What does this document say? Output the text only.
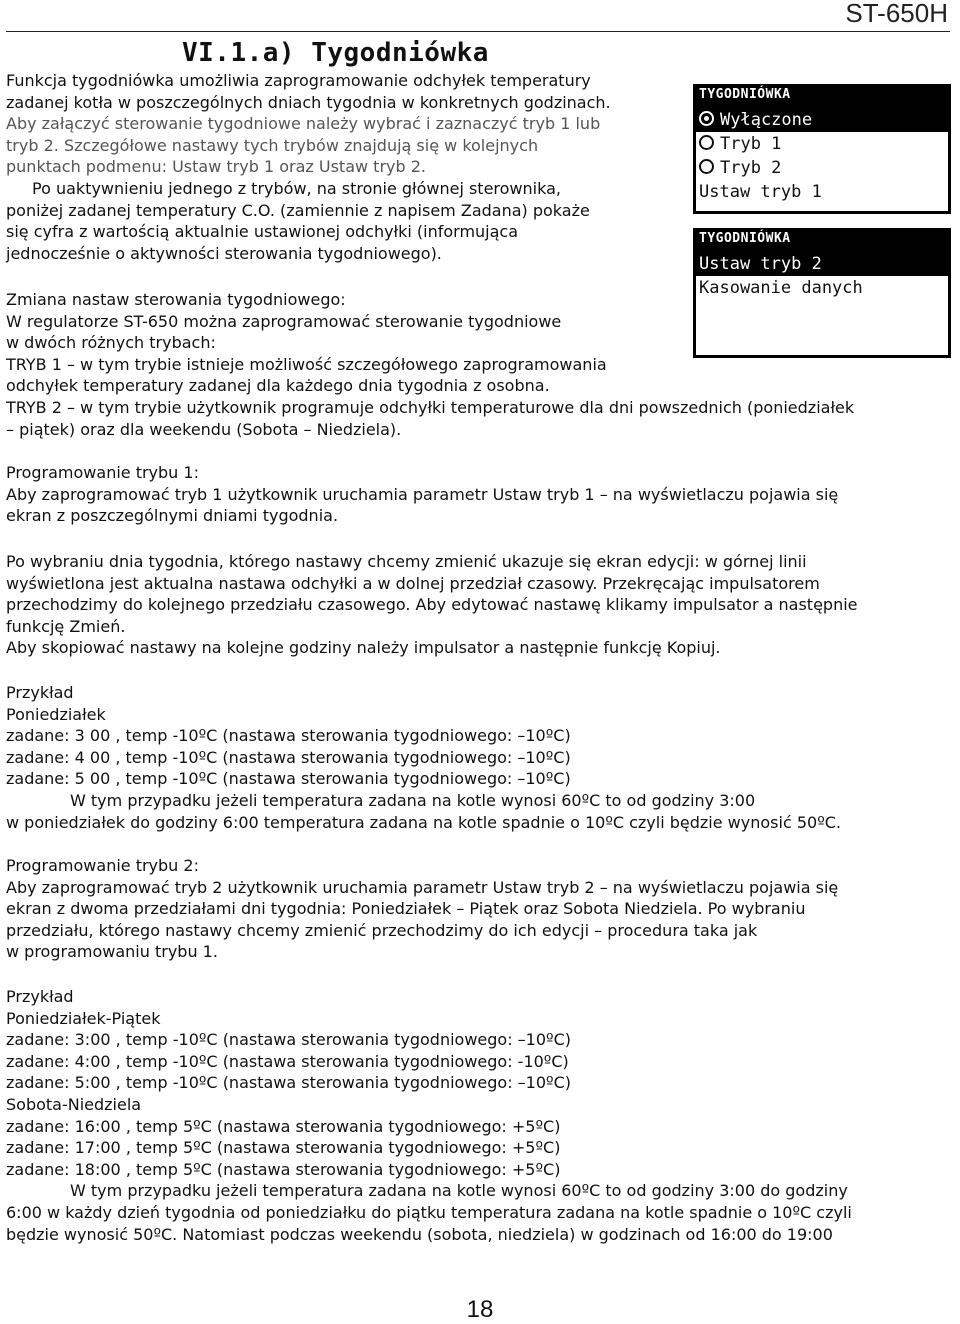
ST-650H
VI.1.a) Tygodniówka
TYGODNIÓWKA
Wyłączone
Tryb 1
Tryb 2
Ustaw tryb 1
TYGODNIÓWKA
Ustaw tryb 2
Kasowanie danych

Funkcja tygodniówka umożliwia zaprogramowanie odchyłek temperatury

zadanej kotła w poszczególnych dniach tygodnia w konkretnych godzinach.

Aby załączyć sterowanie tygodniowe należy wybrać i zaznaczyć tryb 1 lub

tryb 2. Szczegółowe nastawy tych trybów znajdują się w kolejnych

punktach podmenu: Ustaw tryb 1 oraz Ustaw tryb 2.

Po uaktywnieniu jednego z trybów, na stronie głównej sterownika,

poniżej zadanej temperatury C.O. (zamiennie z napisem Zadana) pokaże

się cyfra z wartością aktualnie ustawionej odchyłki (informująca

jednocześnie o aktywności sterowania tygodniowego).

Zmiana nastaw sterowania tygodniowego:

W regulatorze ST-650 można zaprogramować sterowanie tygodniowe

w dwóch różnych trybach:

TRYB 1 – w tym trybie istnieje możliwość szczegółowego zaprogramowania

odchyłek temperatury zadanej dla każdego dnia tygodnia z osobna.

TRYB 2 – w tym trybie użytkownik programuje odchyłki temperaturowe dla dni powszednich (poniedziałek

– piątek) oraz dla weekendu (Sobota – Niedziela).

Programowanie trybu 1:

Aby zaprogramować tryb 1 użytkownik uruchamia parametr Ustaw tryb 1 – na wyświetlaczu pojawia się

ekran z poszczególnymi dniami tygodnia.

Po wybraniu dnia tygodnia, którego nastawy chcemy zmienić ukazuje się ekran edycji: w górnej linii

wyświetlona jest aktualna nastawa odchyłki a w dolnej przedział czasowy. Przekręcając impulsatorem

przechodzimy do kolejnego przedziału czasowego. Aby edytować nastawę klikamy impulsator a następnie

funkcję Zmień.

Aby skopiować nastawy na kolejne godziny należy impulsator a następnie funkcję Kopiuj.

Przykład

Poniedziałek

zadane: 3 00 , temp -10ºC (nastawa sterowania tygodniowego: –10ºC)

zadane: 4 00 , temp -10ºC (nastawa sterowania tygodniowego: –10ºC)

zadane: 5 00 , temp -10ºC (nastawa sterowania tygodniowego: –10ºC)

W tym przypadku jeżeli temperatura zadana na kotle wynosi 60ºC to od godziny 3:00

w poniedziałek do godziny 6:00 temperatura zadana na kotle spadnie o 10ºC czyli będzie wynosić 50ºC.

Programowanie trybu 2:

Aby zaprogramować tryb 2 użytkownik uruchamia parametr Ustaw tryb 2 – na wyświetlaczu pojawia się

ekran z dwoma przedziałami dni tygodnia: Poniedziałek – Piątek oraz Sobota Niedziela. Po wybraniu

przedziału, którego nastawy chcemy zmienić przechodzimy do ich edycji – procedura taka jak

w programowaniu trybu 1.

Przykład

Poniedziałek-Piątek

zadane: 3:00 , temp -10ºC (nastawa sterowania tygodniowego: –10ºC)

zadane: 4:00 , temp -10ºC (nastawa sterowania tygodniowego: -10ºC)

zadane: 5:00 , temp -10ºC (nastawa sterowania tygodniowego: –10ºC)

Sobota-Niedziela

zadane: 16:00 , temp 5ºC (nastawa sterowania tygodniowego: +5ºC)

zadane: 17:00 , temp 5ºC (nastawa sterowania tygodniowego: +5ºC)

zadane: 18:00 , temp 5ºC (nastawa sterowania tygodniowego: +5ºC)

W tym przypadku jeżeli temperatura zadana na kotle wynosi 60ºC to od godziny 3:00 do godziny

6:00 w każdy dzień tygodnia od poniedziałku do piątku temperatura zadana na kotle spadnie o 10ºC czyli

będzie wynosić 50ºC. Natomiast podczas weekendu (sobota, niedziela) w godzinach od 16:00 do 19:00

18
